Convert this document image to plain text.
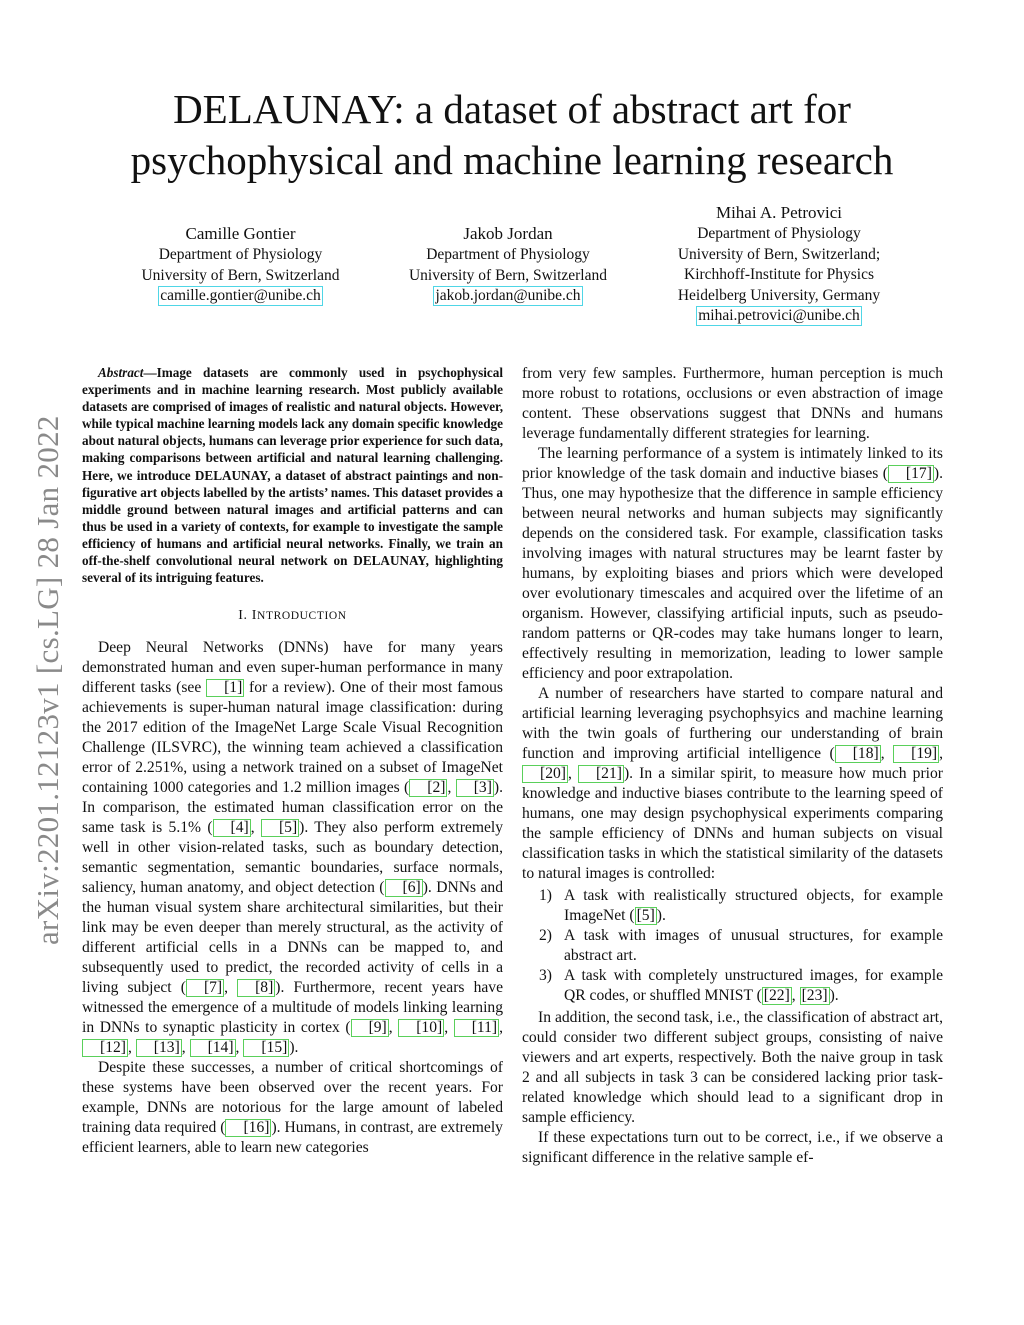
arXiv:2201.12123v1 [cs.LG] 28 Jan 2022
DELAUNAY: a dataset of abstract art for
psychophysical and machine learning research
Camille Gontier
Department of Physiology
University of Bern, Switzerland
camille.gontier@unibe.ch
Jakob Jordan
Department of Physiology
University of Bern, Switzerland
jakob.jordan@unibe.ch
Mihai A. Petrovici
Department of Physiology
University of Bern, Switzerland;
Kirchhoff-Institute for Physics
Heidelberg University, Germany
mihai.petrovici@unibe.ch

Abstract—Image datasets are commonly used in psychophysical experiments and in machine learning research. Most publicly available datasets are comprised of images of realistic and natural objects. However, while typical machine learning models lack any domain specific knowledge about natural objects, humans can leverage prior experience for such data, making comparisons between artificial and natural learning challenging. Here, we introduce DELAUNAY, a dataset of abstract paintings and non-figurative art objects labelled by the artists’ names. This dataset provides a middle ground between natural images and artificial patterns and can thus be used in a variety of contexts, for example to investigate the sample efficiency of humans and artificial neural networks. Finally, we train an off-the-shelf convolutional neural network on DELAUNAY, highlighting several of its intriguing features.

I. INTRODUCTION

Deep Neural Networks (DNNs) have for many years demonstrated human and even super-human performance in many different tasks (see [1] for a review). One of their most famous achievements is super-human natural image classification: during the 2017 edition of the ImageNet Large Scale Visual Recognition Challenge (ILSVRC), the winning team achieved a classification error of 2.251%, using a network trained on a subset of ImageNet containing 1000 categories and 1.2 million images ( [2] , [3] ). In comparison, the estimated human classification error on the same task is 5.1% ( [4] , [5] ). They also perform extremely well in other vision-related tasks, such as boundary detection, semantic segmentation, semantic boundaries, surface normals, saliency, human anatomy, and object detection ( [6] ). DNNs and the human visual system share architectural similarities, but their link may be even deeper than merely structural, as the activity of different artificial cells in a DNNs can be mapped to, and subsequently used to predict, the recorded activity of cells in a living subject ( [7] , [8] ). Furthermore, recent years have witnessed the emergence of a multitude of models linking learning in DNNs to synaptic plasticity in cortex ( [9] , [10] , [11] , [12] , [13] , [14] , [15] ).

Despite these successes, a number of critical shortcomings of these systems have been observed over the recent years. For example, DNNs are notorious for the large amount of labeled training data required ( [16] ). Humans, in contrast, are extremely efficient learners, able to learn new categories

from very few samples. Furthermore, human perception is much more robust to rotations, occlusions or even abstraction of image content. These observations suggest that DNNs and humans leverage fundamentally different strategies for learning.

The learning performance of a system is intimately linked to its prior knowledge of the task domain and inductive biases ( [17] ). Thus, one may hypothesize that the difference in sample efficiency between neural networks and human subjects may significantly depends on the considered task. For example, classification tasks involving images with natural structures may be learnt faster by humans, by exploiting biases and priors which were developed over evolutionary timescales and acquired over the lifetime of an organism. However, classifying artificial inputs, such as pseudo-random patterns or QR-codes may take humans longer to learn, effectively resulting in memorization, leading to lower sample efficiency and poor extrapolation.

A number of researchers have started to compare natural and artificial learning leveraging psychophsyics and machine learning with the twin goals of furthering our understanding of brain function and improving artificial intelligence ( [18] , [19] , [20] , [21] ). In a similar spirit, to measure how much prior knowledge and inductive biases contribute to the learning speed of humans, one may design psychophysical experiments comparing the sample efficiency of DNNs and human subjects on visual classification tasks in which the statistical similarity of the datasets to natural images is controlled:

1) A task with realistically structured objects, for example ImageNet ( [5] ).
2) A task with images of unusual structures, for example abstract art.
3) A task with completely unstructured images, for example QR codes, or shuffled MNIST ( [22] , [23] ).

In addition, the second task, i.e., the classification of abstract art, could consider two different subject groups, consisting of naive viewers and art experts, respectively. Both the naive group in task 2 and all subjects in task 3 can be considered lacking prior task-related knowledge which should lead to a significant drop in sample efficiency.

If these expectations turn out to be correct, i.e., if we observe a significant difference in the relative sample ef-
